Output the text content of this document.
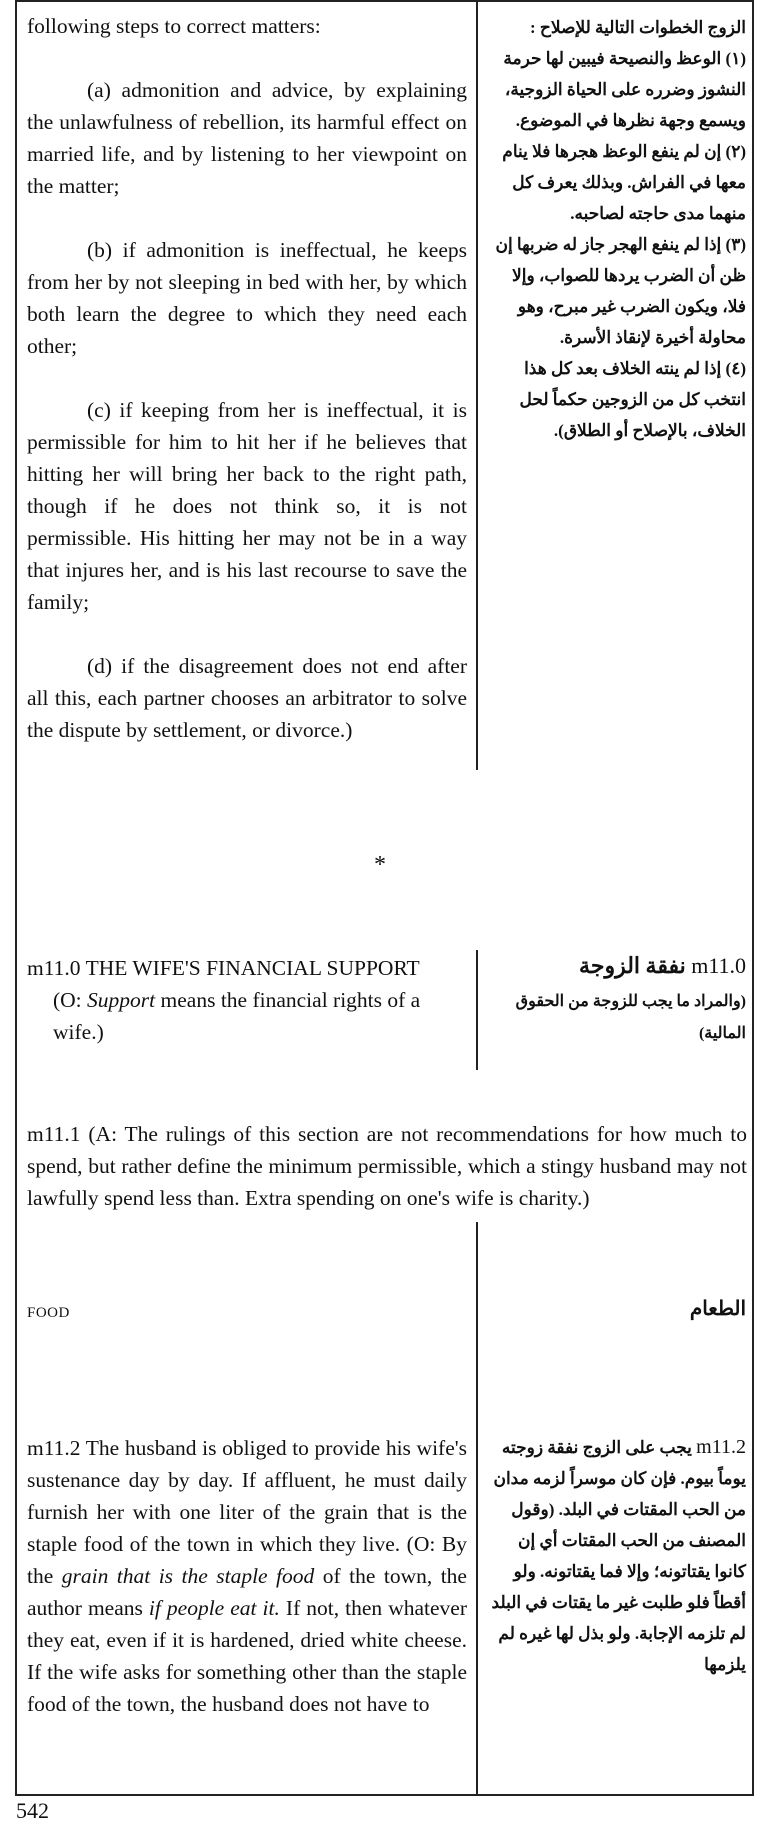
following steps to correct matters:

(a) admonition and advice, by explaining the unlawfulness of rebellion, its harmful effect on married life, and by listening to her viewpoint on the matter;

(b) if admonition is ineffectual, he keeps from her by not sleeping in bed with her, by which both learn the degree to which they need each other;

(c) if keeping from her is ineffectual, it is permissible for him to hit her if he believes that hitting her will bring her back to the right path, though if he does not think so, it is not permissible. His hitting her may not be in a way that injures her, and is his last recourse to save the family;

(d) if the disagreement does not end after all this, each partner chooses an arbitrator to solve the dispute by settlement, or divorce.)

الزوج الخطوات التالية للإصلاح :

(١) الوعظ والنصيحة فيبين لها حرمة النشوز وضرره على الحياة الزوجية، ويسمع وجهة نظرها في الموضوع.

(٢) إن لم ينفع الوعظ هجرها فلا ينام معها في الفراش. وبذلك يعرف كل منهما مدى حاجته لصاحبه.

(٣) إذا لم ينفع الهجر جاز له ضربها إن ظن أن الضرب يردها للصواب، وإلا فلا، ويكون الضرب غير مبرح، وهو محاولة أخيرة لإنقاذ الأسرة.

(٤) إذا لم ينته الخلاف بعد كل هذا انتخب كل من الزوجين حكماً لحل الخلاف، بالإصلاح أو الطلاق).

*
m11.0 THE WIFE'S FINANCIAL SUPPORT
(O: Support means the financial rights of a wife.)
m11.0 نفقة الزوجة
(والمراد ما يجب للزوجة من الحقوق المالية)
m11.1 (A: The rulings of this section are not recommendations for how much to spend, but rather define the minimum permissible, which a stingy husband may not lawfully spend less than. Extra spending on one's wife is charity.)
FOOD	الطعام

m11.2 The husband is obliged to provide his wife's sustenance day by day. If affluent, he must daily furnish her with one liter of the grain that is the staple food of the town in which they live. (O: By the grain that is the staple food of the town, the author means if people eat it. If not, then whatever they eat, even if it is hardened, dried white cheese. If the wife asks for something other than the staple food of the town, the husband does not have to

m11.2 يجب على الزوج نفقة زوجته يوماً بيوم. فإن كان موسراً لزمه مدان من الحب المقتات في البلد. (وقول المصنف من الحب المقتات أي إن كانوا يقتاتونه؛ وإلا فما يقتاتونه. ولو أقطاً فلو طلبت غير ما يقتات في البلد لم تلزمه الإجابة. ولو بذل لها غيره لم يلزمها

542
